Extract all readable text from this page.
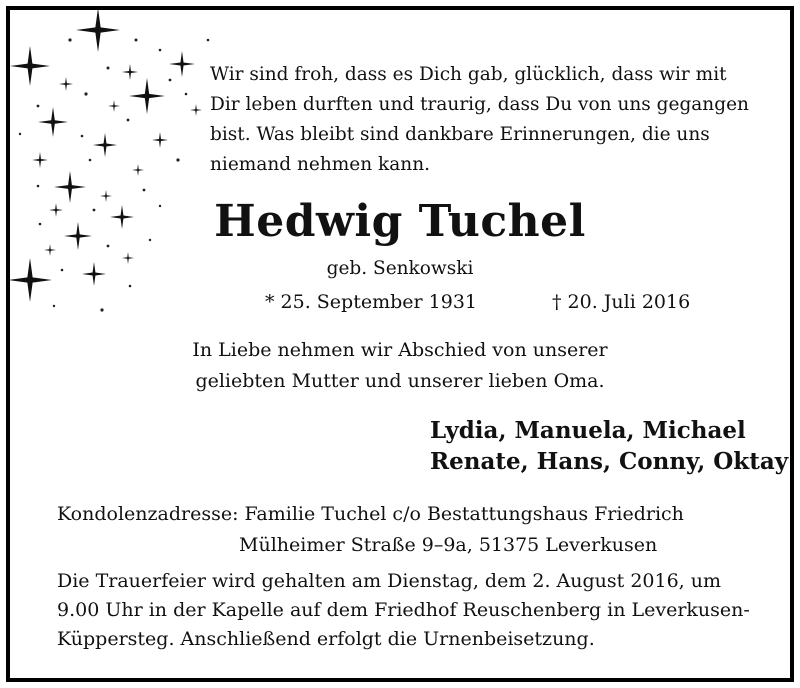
Wir sind froh, dass es Dich gab, glücklich, dass wir mit
Dir leben durften und traurig, dass Du von uns gegangen
bist. Was bleibt sind dankbare Erinnerungen, die uns
niemand nehmen kann.
Hedwig Tuchel
geb. Senkowski
* 25. September 1931	† 20. Juli 2016
In Liebe nehmen wir Abschied von unserer
geliebten Mutter und unserer lieben Oma.
Lydia, Manuela, Michael
Renate, Hans, Conny, Oktay
Kondolenzadresse: Familie Tuchel c/o Bestattungshaus Friedrich
Mülheimer Straße 9–9a, 51375 Leverkusen
Die Trauerfeier wird gehalten am Dienstag, dem 2. August 2016, um
9.00 Uhr in der Kapelle auf dem Friedhof Reuschenberg in Leverkusen-
Küppersteg. Anschließend erfolgt die Urnenbeisetzung.
